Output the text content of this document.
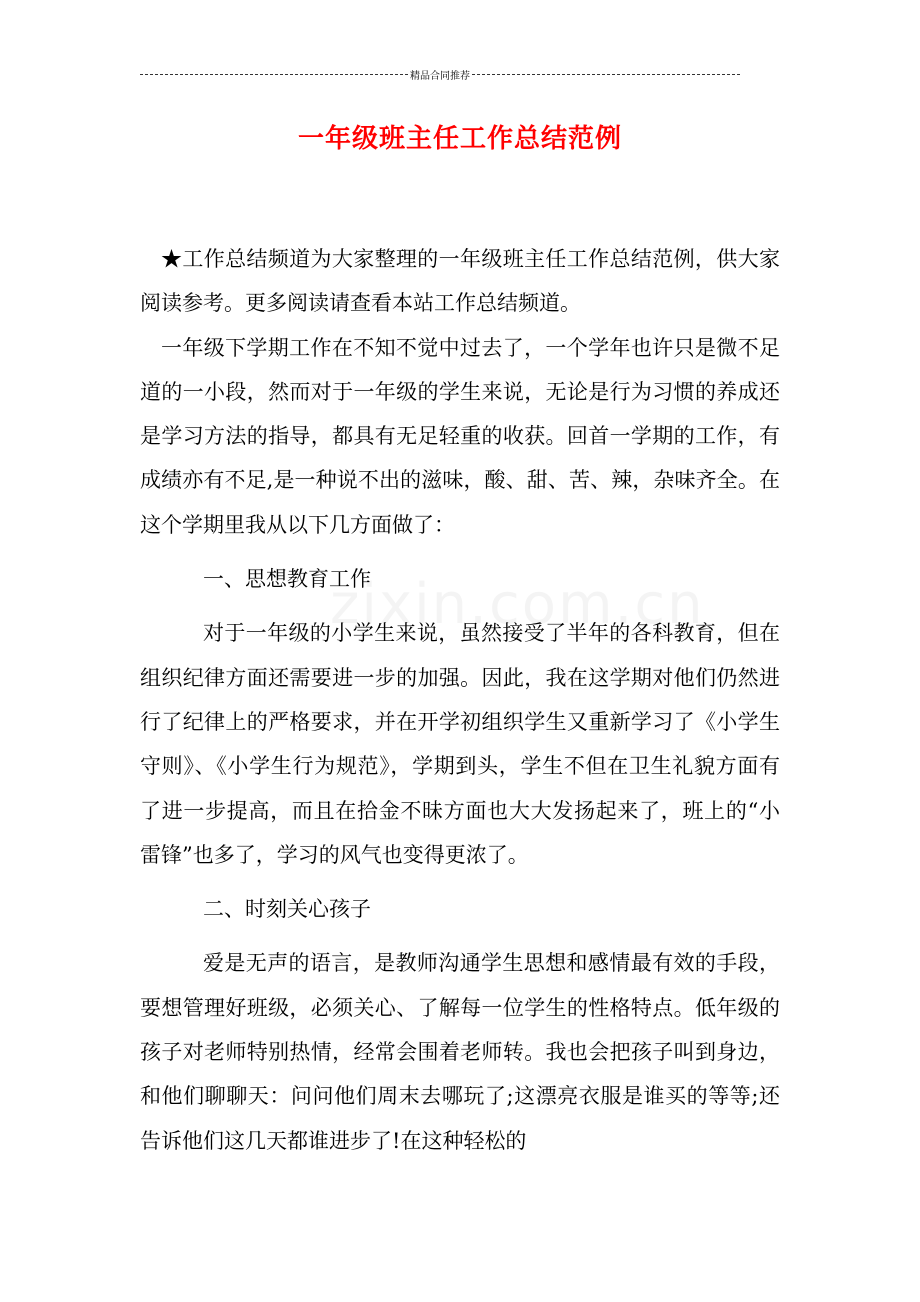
精品合同推荐
一年级班主任工作总结范例

★工作总结频道为大家整理的一年级班主任工作总结范例，供大家阅读参考。更多阅读请查看本站工作总结频道。

一年级下学期工作在不知不觉中过去了，一个学年也许只是微不足道的一小段，然而对于一年级的学生来说，无论是行为习惯的养成还是学习方法的指导，都具有无足轻重的收获。回首一学期的工作，有成绩亦有不足,是一种说不出的滋味，酸、甜、苦、辣，杂味齐全。在这个学期里我从以下几方面做了：

一、思想教育工作

对于一年级的小学生来说，虽然接受了半年的各科教育，但在组织纪律方面还需要进一步的加强。因此，我在这学期对他们仍然进行了纪律上的严格要求，并在开学初组织学生又重新学习了《小学生守则》、《小学生行为规范》，学期到头，学生不但在卫生礼貌方面有了进一步提高，而且在拾金不昧方面也大大发扬起来了，班上的“小雷锋”也多了，学习的风气也变得更浓了。

二、时刻关心孩子

爱是无声的语言，是教师沟通学生思想和感情最有效的手段，要想管理好班级，必须关心、了解每一位学生的性格特点。低年级的孩子对老师特别热情，经常会围着老师转。我也会把孩子叫到身边，和他们聊聊天：问问他们周末去哪玩了;这漂亮衣服是谁买的等等;还告诉他们这几天都谁进步了!在这种轻松的
